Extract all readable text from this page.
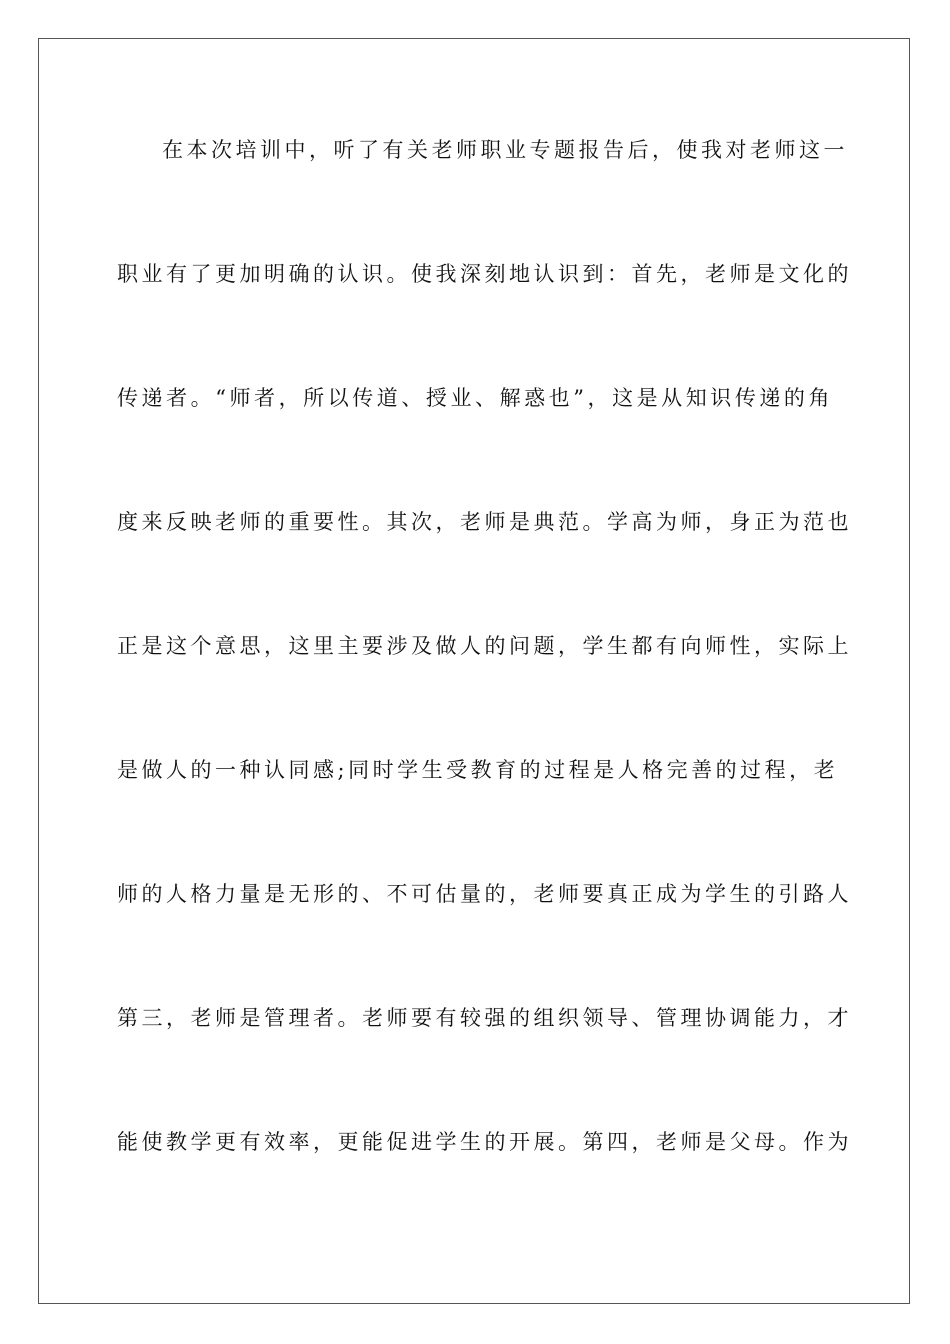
在本次培训中，听了有关老师职业专题报告后，使我对老师这一
职业有了更加明确的认识。使我深刻地认识到：首先，老师是文化的
传递者。“师者，所以传道、授业、解惑也”，这是从知识传递的角
度来反映老师的重要性。其次，老师是典范。学高为师，身正为范也
正是这个意思，这里主要涉及做人的问题，学生都有向师性，实际上
是做人的一种认同感;同时学生受教育的过程是人格完善的过程，老
师的人格力量是无形的、不可估量的，老师要真正成为学生的引路人
第三，老师是管理者。老师要有较强的组织领导、管理协调能力，才
能使教学更有效率，更能促进学生的开展。第四，老师是父母。作为
